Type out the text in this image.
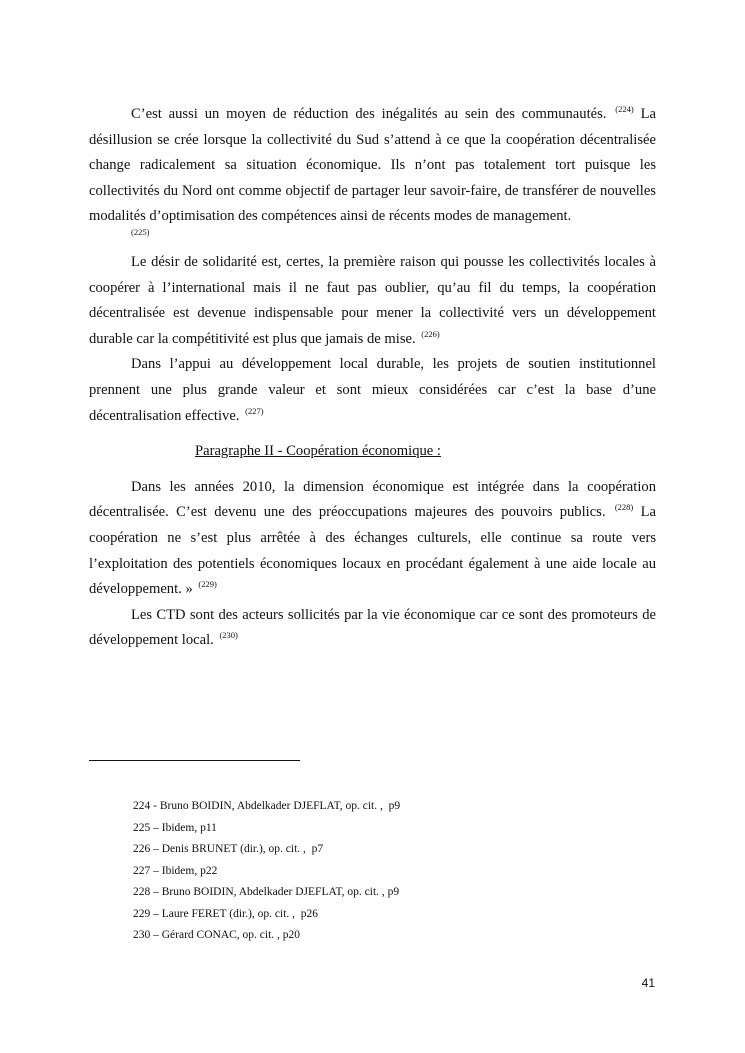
C’est aussi un moyen de réduction des inégalités au sein des communautés. $^{(224)}$ La désillusion se crée lorsque la collectivité du Sud s’attend à ce que la coopération décentralisée change radicalement sa situation économique. Ils n’ont pas totalement tort puisque les collectivités du Nord ont comme objectif de partager leur savoir-faire, de transférer de nouvelles modalités d’optimisation des compétences ainsi de récents modes de management.
(225)

Le désir de solidarité est, certes, la première raison qui pousse les collectivités locales à coopérer à l’international mais il ne faut pas oublier, qu’au fil du temps, la coopération décentralisée est devenue indispensable pour mener la collectivité vers un développement durable car la compétitivité est plus que jamais de mise. $^{(226)}$

Dans l’appui au développement local durable, les projets de soutien institutionnel prennent une plus grande valeur et sont mieux considérées car c’est la base d’une décentralisation effective. $^{(227)}$

Paragraphe II - Coopération économique :

Dans les années 2010, la dimension économique est intégrée dans la coopération décentralisée. C’est devenu une des préoccupations majeures des pouvoirs publics. $^{(228)}$ La coopération ne s’est plus arrêtée à des échanges culturels, elle continue sa route vers l’exploitation des potentiels économiques locaux en procédant également à une aide locale au développement. » $^{(229)}$

Les CTD sont des acteurs sollicités par la vie économique car ce sont des promoteurs de développement local. $^{(230)}$

224 - Bruno BOIDIN, Abdelkader DJEFLAT, op. cit. ,  p9
225 – Ibidem, p11
226 – Denis BRUNET (dir.), op. cit. ,  p7
227 – Ibidem, p22
228 – Bruno BOIDIN, Abdelkader DJEFLAT, op. cit. , p9
229 – Laure FERET (dir.), op. cit. ,  p26
230 – Gérard CONAC, op. cit. , p20
41
